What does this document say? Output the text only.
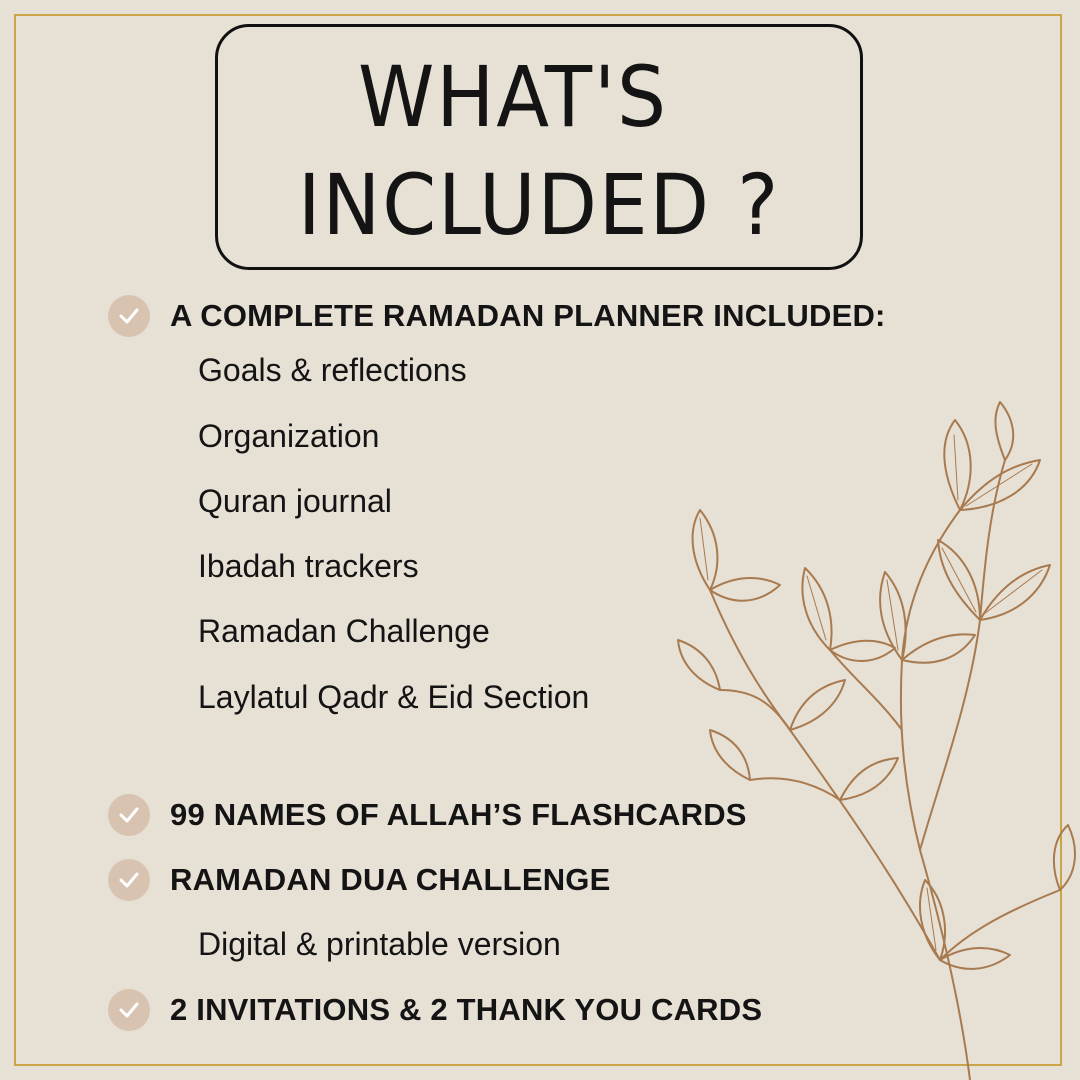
WHAT'S
INCLUDED ?
A COMPLETE RAMADAN PLANNER INCLUDED:
Goals & reflections
Organization
Quran journal
Ibadah trackers
Ramadan Challenge
Laylatul Qadr & Eid Section
99 NAMES OF ALLAH’S FLASHCARDS
RAMADAN DUA CHALLENGE
Digital & printable version
2 INVITATIONS & 2 THANK YOU CARDS
